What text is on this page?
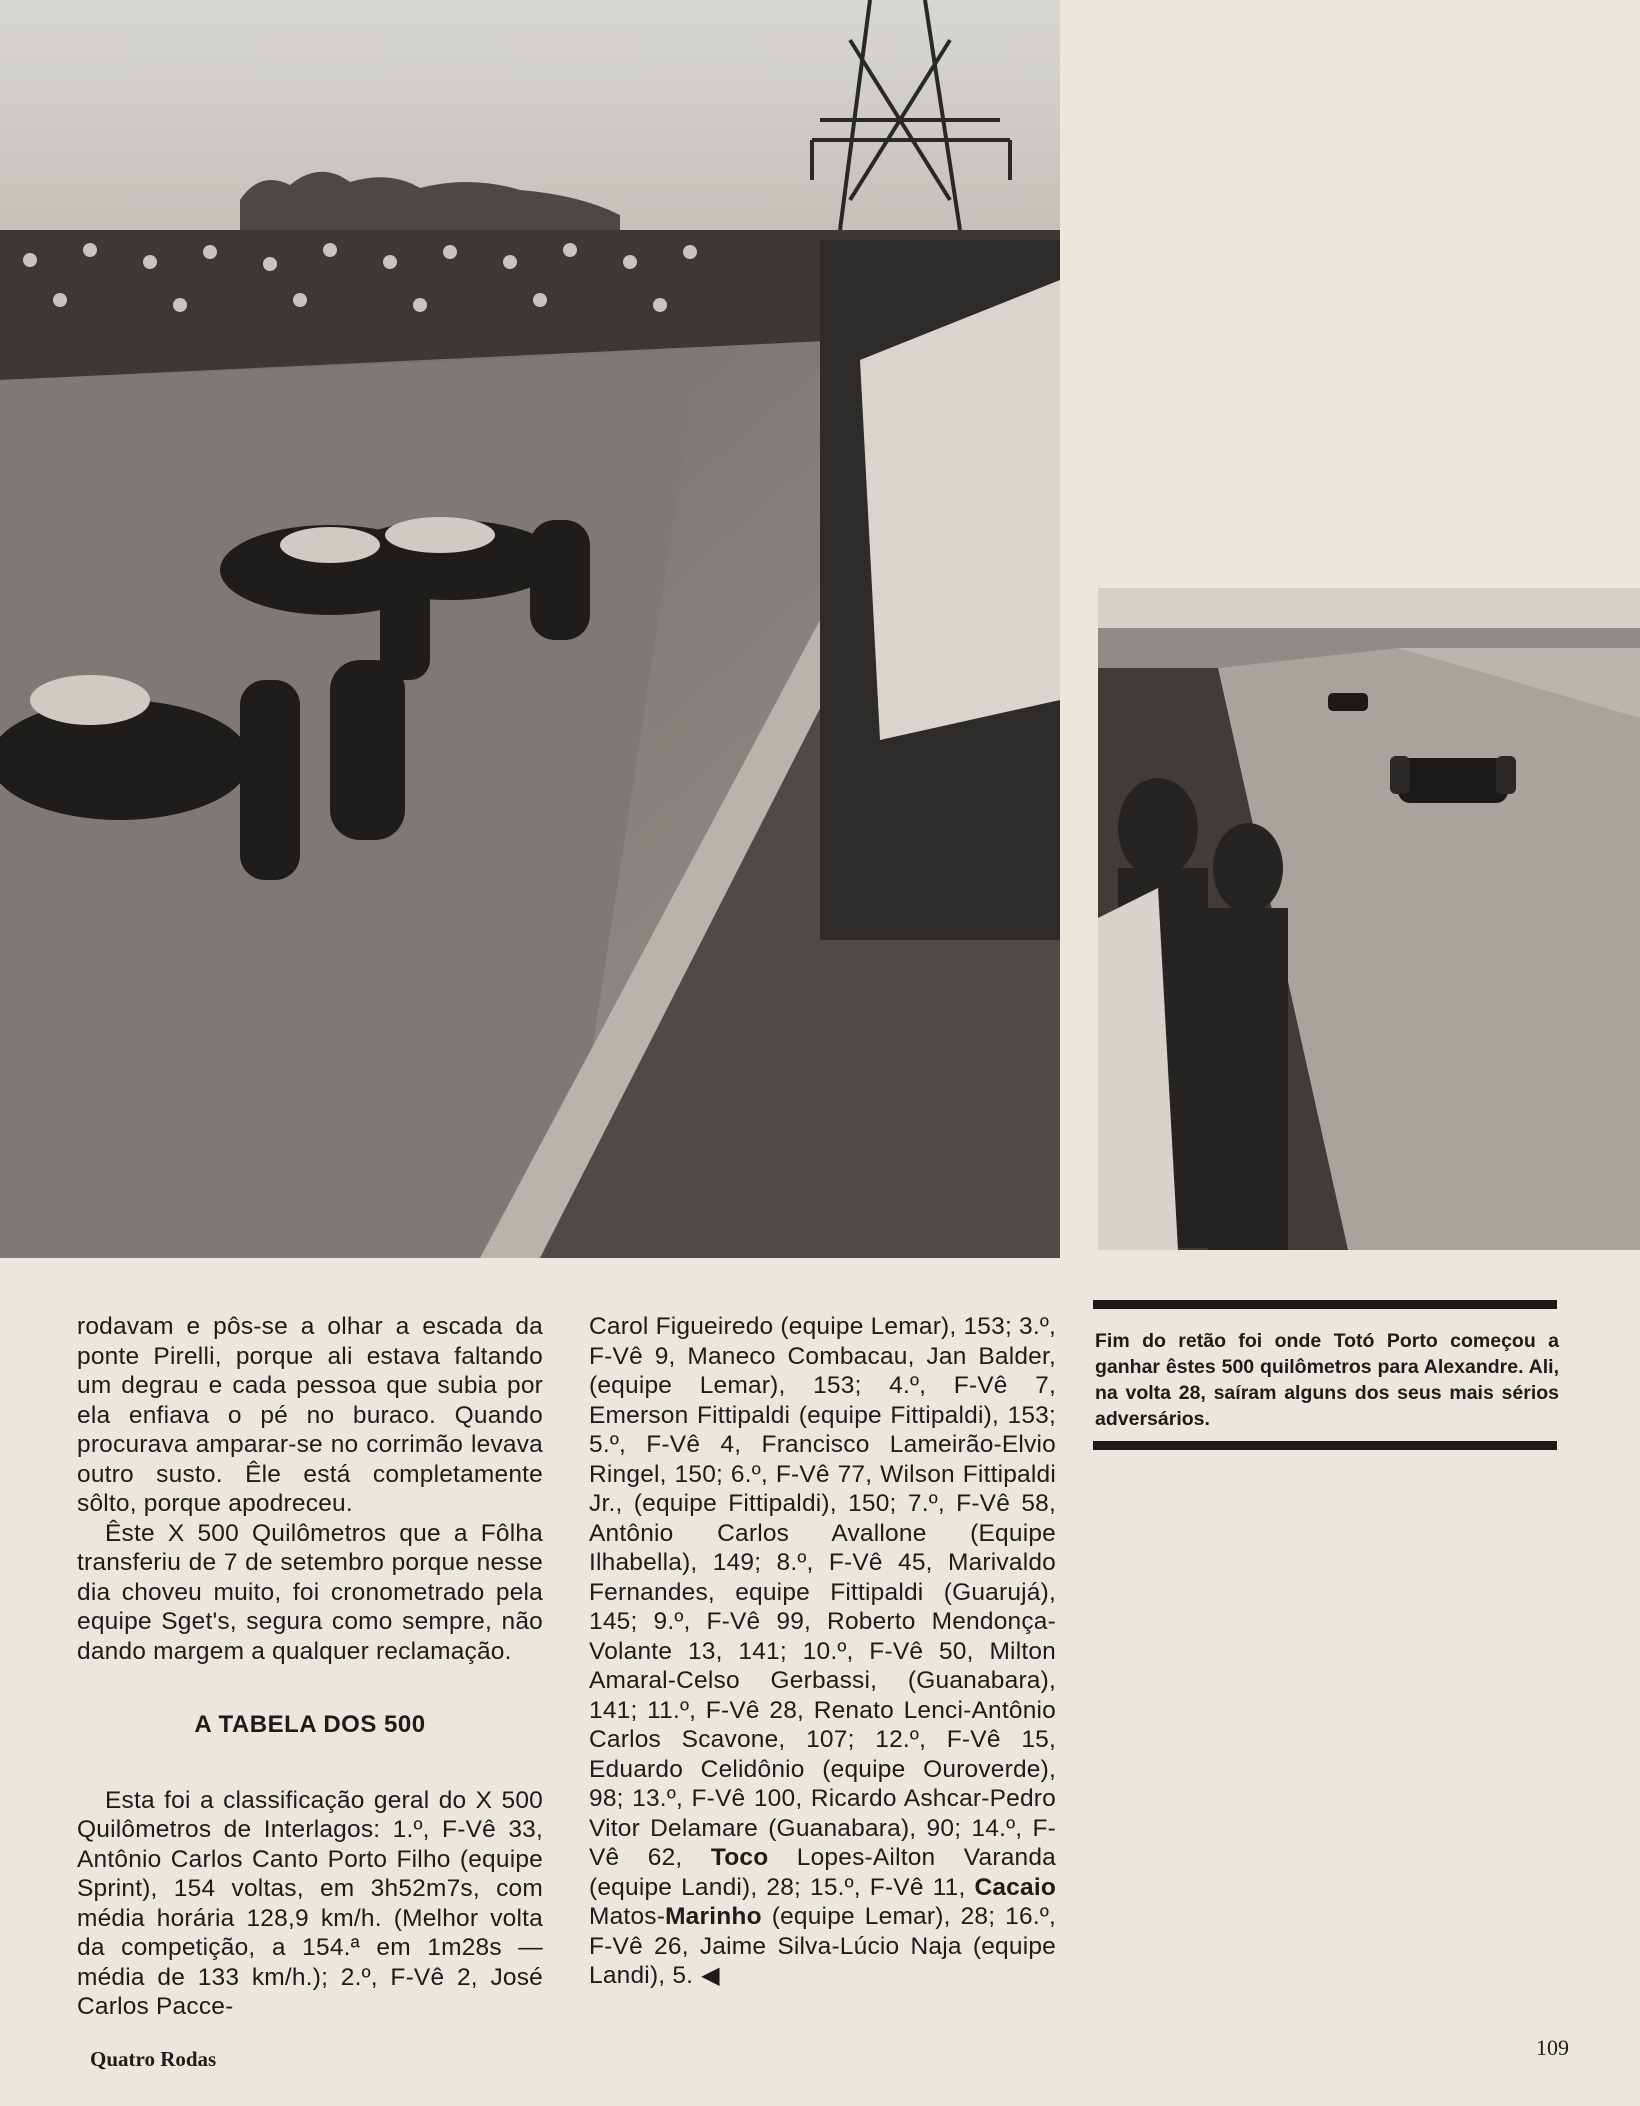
rodavam e pôs-se a olhar a escada da ponte Pirelli, porque ali estava faltando um degrau e cada pessoa que subia por ela enfiava o pé no buraco. Quando procurava amparar-se no corrimão levava outro susto. Êle está completamente sôlto, porque apodreceu.

Êste X 500 Quilômetros que a Fôlha transferiu de 7 de setembro porque nesse dia choveu muito, foi cronometrado pela equipe Sget's, segura como sempre, não dando margem a qualquer reclamação.

A TABELA DOS 500

Esta foi a classificação geral do X 500 Quilômetros de Interlagos: 1.º, F-Vê 33, Antônio Carlos Canto Porto Filho (equipe Sprint), 154 voltas, em 3h52m7s, com média horária 128,9 km/h. (Melhor volta da competição, a 154.ª em 1m28s — média de 133 km/h.); 2.º, F-Vê 2, José Carlos Pacce-

Carol Figueiredo (equipe Lemar), 153; 3.º, F-Vê 9, Maneco Combacau, Jan Balder, (equipe Lemar), 153; 4.º, F-Vê 7, Emerson Fittipaldi (equipe Fittipaldi), 153; 5.º, F-Vê 4, Francisco Lameirão-Elvio Ringel, 150; 6.º, F-Vê 77, Wilson Fittipaldi Jr., (equipe Fittipaldi), 150; 7.º, F-Vê 58, Antônio Carlos Avallone (Equipe Ilhabella), 149; 8.º, F-Vê 45, Marivaldo Fernandes, equipe Fittipaldi (Guarujá), 145; 9.º, F-Vê 99, Roberto Mendonça-Volante 13, 141; 10.º, F-Vê 50, Milton Amaral-Celso Gerbassi, (Guanabara), 141; 11.º, F-Vê 28, Renato Lenci-Antônio Carlos Scavone, 107; 12.º, F-Vê 15, Eduardo Celidônio (equipe Ouroverde), 98; 13.º, F-Vê 100, Ricardo Ashcar-Pedro Vitor Delamare (Guanabara), 90; 14.º, F-Vê 62, Toco Lopes-Ailton Varanda (equipe Landi), 28; 15.º, F-Vê 11, Cacaio Matos-Marinho (equipe Lemar), 28; 16.º, F-Vê 26, Jaime Silva-Lúcio Naja (equipe Landi), 5. ◀

Fim do retão foi onde Totó Porto começou a ganhar êstes 500 quilômetros para Alexandre. Ali, na volta 28, saíram alguns dos seus mais sérios adversários.
Quatro Rodas	109
